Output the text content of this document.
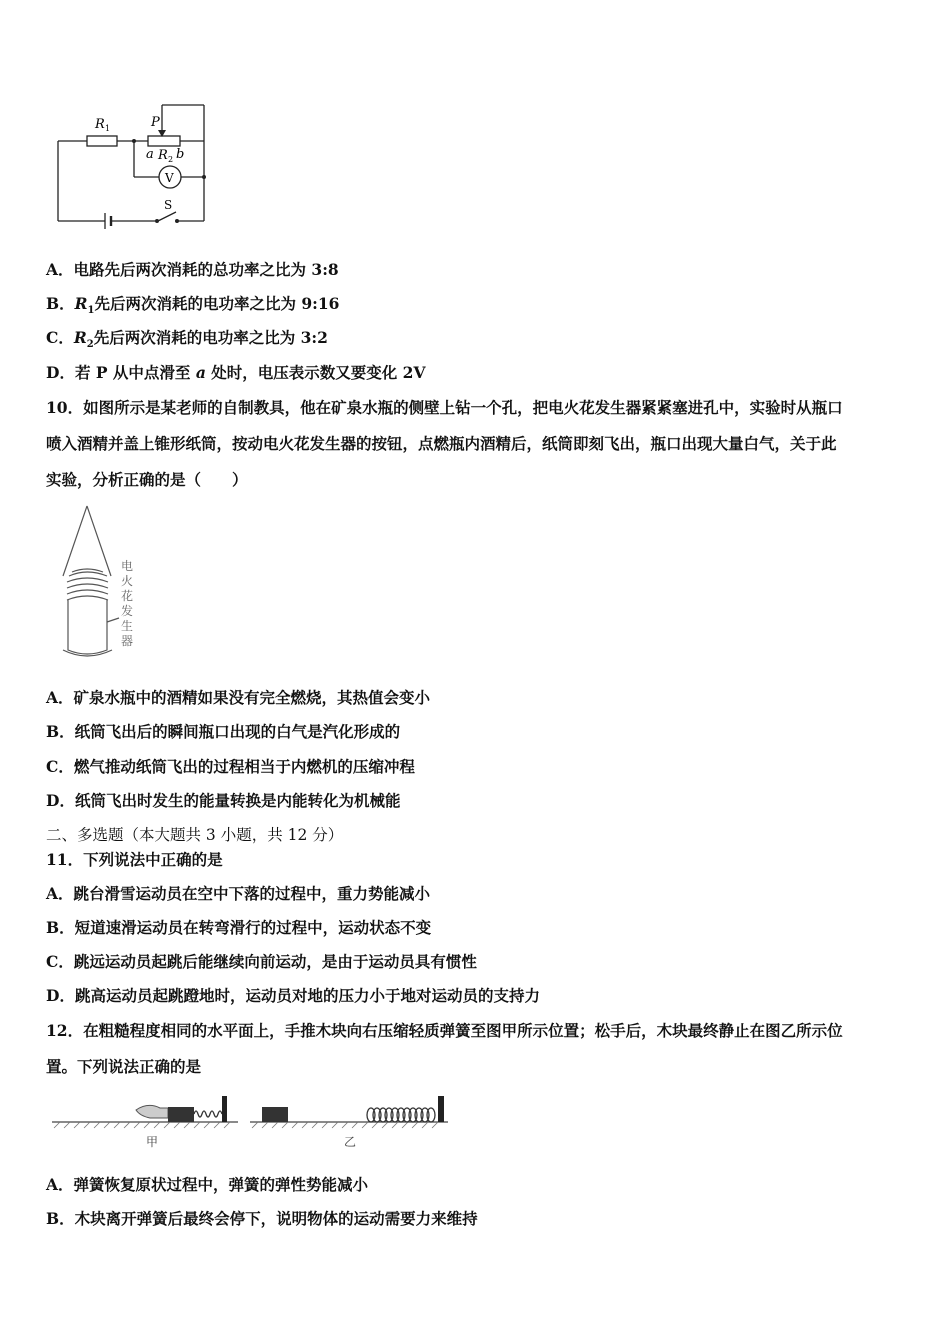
R 1	P
a R 2 b
V
S
A．电路先后两次消耗的总功率之比为 3:8
B．$R_1$先后两次消耗的电功率之比为 9:16
C．$R_2$先后两次消耗的电功率之比为 3:2
D．若 P 从中点滑至 a 处时，电压表示数又要变化 2V
10．如图所示是某老师的自制教具，他在矿泉水瓶的侧壁上钻一个孔，把电火花发生器紧紧塞进孔中，实验时从瓶口
喷入酒精并盖上锥形纸筒，按动电火花发生器的按钮，点燃瓶内酒精后，纸筒即刻飞出，瓶口出现大量白气，关于此
实验，分析正确的是（　　）
电
火
花
发
生
器
A．矿泉水瓶中的酒精如果没有完全燃烧，其热值会变小
B．纸筒飞出后的瞬间瓶口出现的白气是汽化形成的
C．燃气推动纸筒飞出的过程相当于内燃机的压缩冲程
D．纸筒飞出时发生的能量转换是内能转化为机械能
二、多选题（本大题共 3 小题，共 12 分）
11．下列说法中正确的是
A．跳台滑雪运动员在空中下落的过程中，重力势能减小
B．短道速滑运动员在转弯滑行的过程中，运动状态不变
C．跳远运动员起跳后能继续向前运动，是由于运动员具有惯性
D．跳高运动员起跳蹬地时，运动员对地的压力小于地对运动员的支持力
12．在粗糙程度相同的水平面上，手推木块向右压缩轻质弹簧至图甲所示位置；松手后，木块最终静止在图乙所示位
置。下列说法正确的是
甲	乙
A．弹簧恢复原状过程中，弹簧的弹性势能减小
B．木块离开弹簧后最终会停下，说明物体的运动需要力来维持
